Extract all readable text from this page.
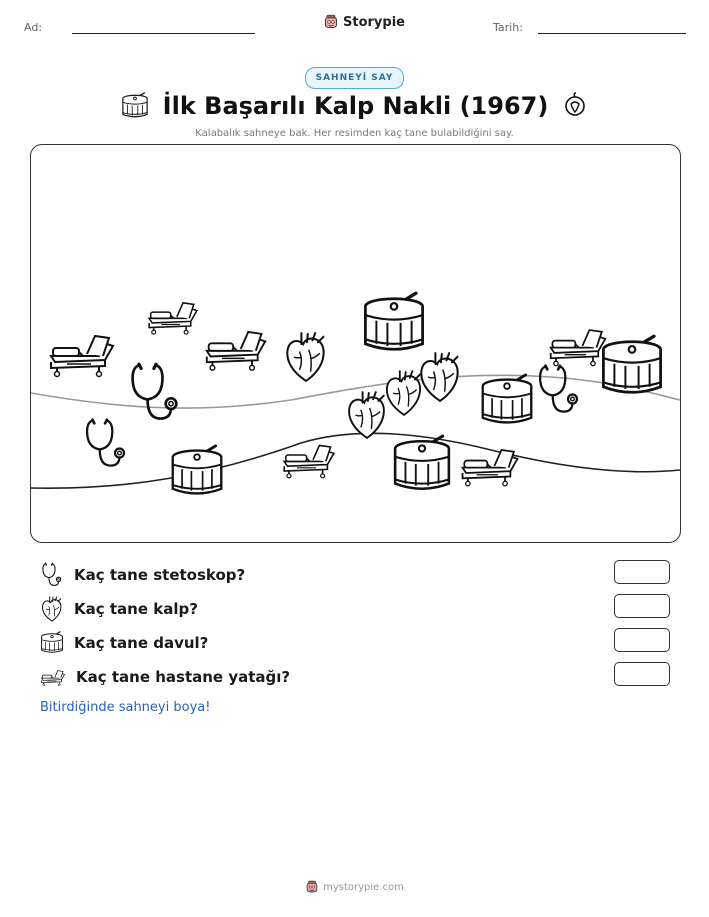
Ad:	Storypie	Tarih:
SAHNEYİ SAY
İlk Başarılı Kalp Nakli (1967)
Kalabalık sahneye bak. Her resimden kaç tane bulabildiğini say.
Kaç tane stetoskop?
Kaç tane kalp?
Kaç tane davul?
Kaç tane hastane yatağı?
Bitirdiğinde sahneyi boya!
mystorypie.com
